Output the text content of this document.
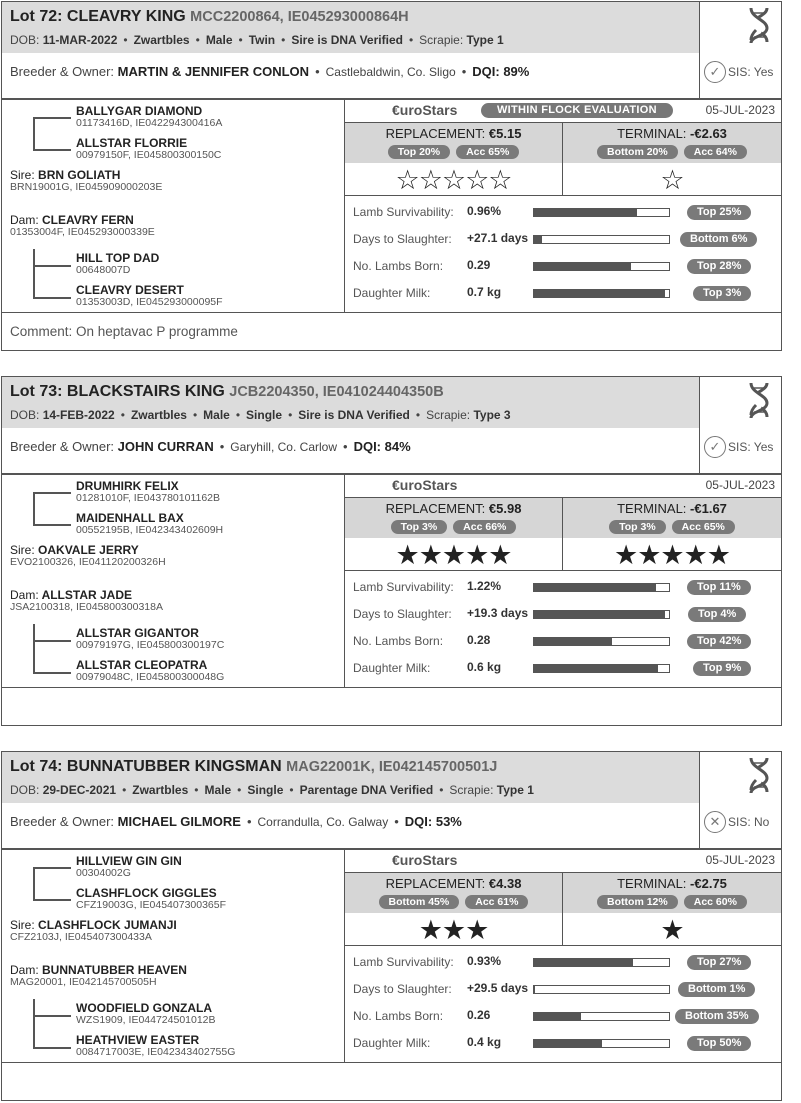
Lot 72: CLEAVRY KING MCC2200864, IE045293000864H
DOB: 11-MAR-2022 • Zwartbles • Male • Twin • Sire is DNA Verified • Scrapie: Type 1
Breeder & Owner: MARTIN & JENNIFER CONLON • Castlebaldwin, Co. Sligo • DQI: 89%	✓ SIS: Yes
BALLYGAR DIAMOND
01173416D, IE042294300416A
ALLSTAR FLORRIE
00979150F, IE045800300150C
Sire: BRN GOLIATH
BRN19001G, IE045909000203E
Dam: CLEAVRY FERN
01353004F, IE045293000339E
HILL TOP DAD
00648007D
CLEAVRY DESERT
01353003D, IE045293000095F
€uroStars	WITHIN FLOCK EVALUATION	05-JUL-2023
REPLACEMENT: €5.15
Top 20%	Acc 65%
☆☆☆☆☆
TERMINAL: -€2.63
Bottom 20%	Acc 64%
☆
Lamb Survivability: 0.96%	Top 25%
Days to Slaughter: +27.1 days	Bottom 6%
No. Lambs Born: 0.29	Top 28%
Daughter Milk:	0.7 kg	Top 3%
Comment: On heptavac P programme
Lot 73: BLACKSTAIRS KING JCB2204350, IE041024404350B
DOB: 14-FEB-2022 • Zwartbles • Male • Single • Sire is DNA Verified • Scrapie: Type 3
Breeder & Owner: JOHN CURRAN • Garyhill, Co. Carlow • DQI: 84%	✓ SIS: Yes
DRUMHIRK FELIX
01281010F, IE043780101162B
MAIDENHALL BAX
00552195B, IE042343402609H
Sire: OAKVALE JERRY
EVO2100326, IE041120200326H
Dam: ALLSTAR JADE
JSA2100318, IE045800300318A
ALLSTAR GIGANTOR
00979197G, IE045800300197C
ALLSTAR CLEOPATRA
00979048C, IE045800300048G
€uroStars	05-JUL-2023
REPLACEMENT: €5.98
Top 3%	Acc 66%
★★★★★
TERMINAL: -€1.67
Top 3%	Acc 65%
★★★★★
Lamb Survivability: 1.22%	Top 11%
Days to Slaughter: +19.3 days	Top 4%
No. Lambs Born: 0.28	Top 42%
Daughter Milk:	0.6 kg	Top 9%
Lot 74: BUNNATUBBER KINGSMAN MAG22001K, IE042145700501J
DOB: 29-DEC-2021 • Zwartbles • Male • Single • Parentage DNA Verified • Scrapie: Type 1
Breeder & Owner: MICHAEL GILMORE • Corrandulla, Co. Galway • DQI: 53%	✕ SIS: No
HILLVIEW GIN GIN
00304002G
CLASHFLOCK GIGGLES
CFZ19003G, IE045407300365F
Sire: CLASHFLOCK JUMANJI
CFZ2103J, IE045407300433A
Dam: BUNNATUBBER HEAVEN
MAG20001, IE042145700505H
WOODFIELD GONZALA
WZS1909, IE044724501012B
HEATHVIEW EASTER
0084717003E, IE042343402755G
€uroStars	05-JUL-2023
REPLACEMENT: €4.38
Bottom 45%	Acc 61%
★★★
TERMINAL: -€2.75
Bottom 12%	Acc 60%
★
Lamb Survivability: 0.93%	Top 27%
Days to Slaughter: +29.5 days	Bottom 1%
No. Lambs Born: 0.26	Bottom 35%
Daughter Milk:	0.4 kg	Top 50%
